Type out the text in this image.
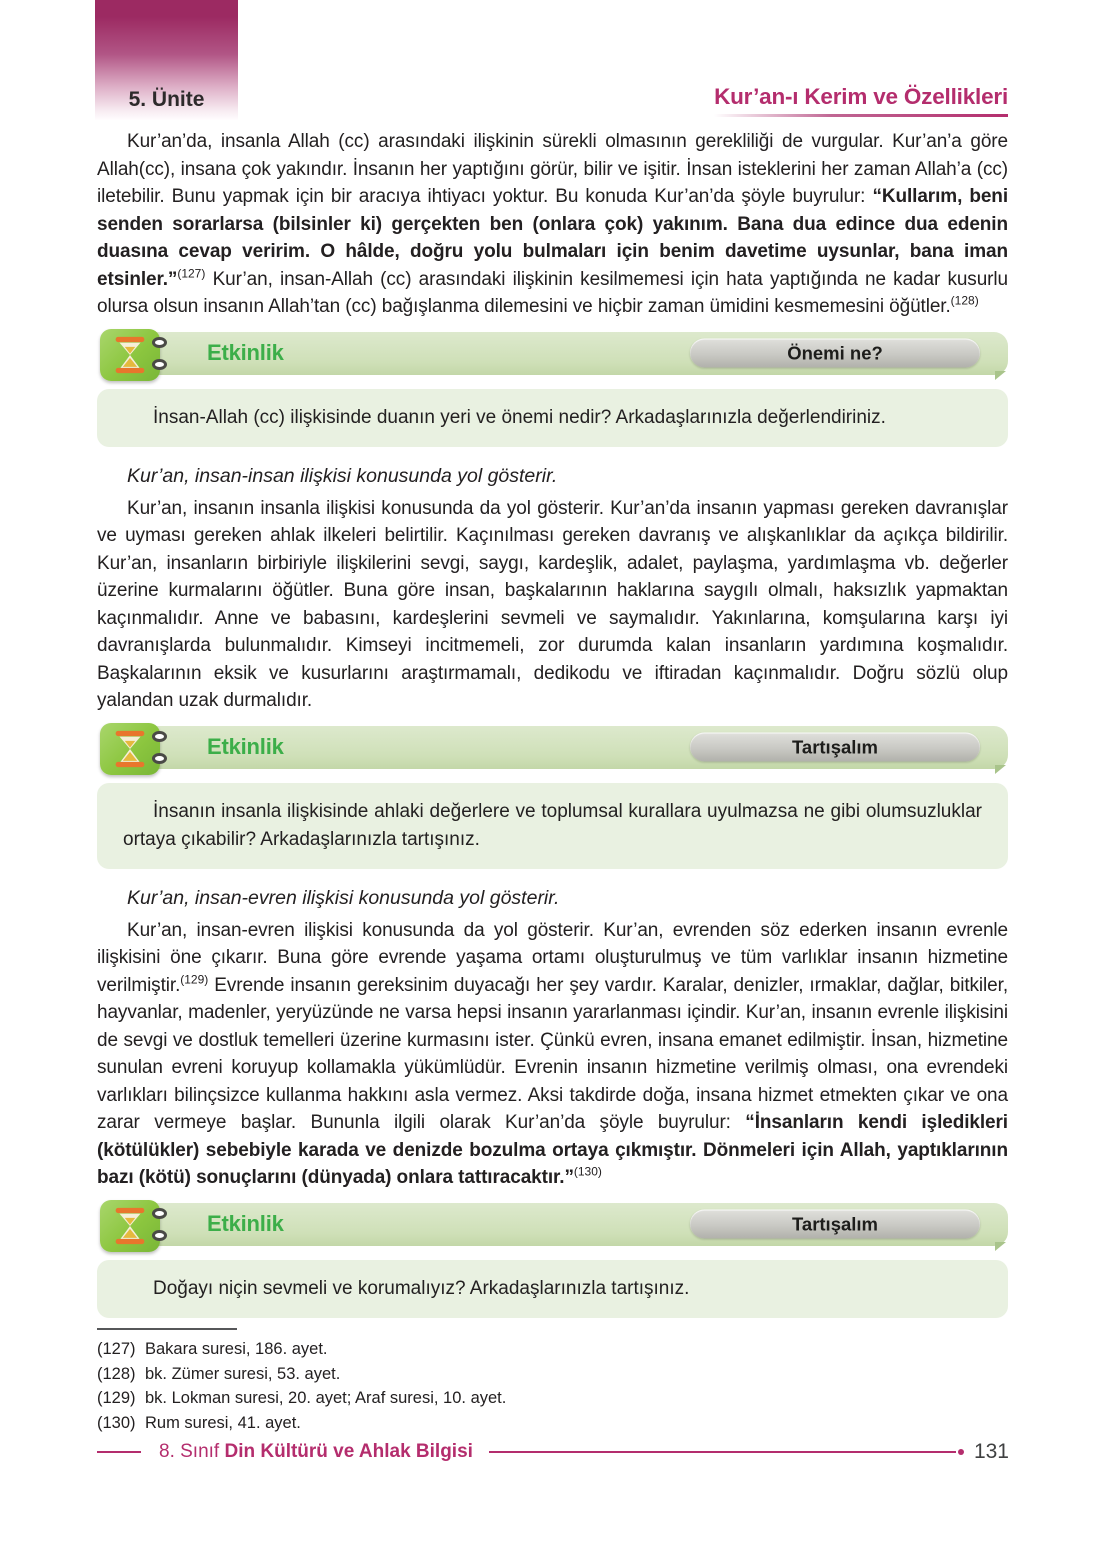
5. Ünite	Kur’an-ı Kerim ve Özellikleri

Kur’an’da, insanla Allah (cc) arasındaki ilişkinin sürekli olmasının gerekliliği de vurgular. Kur’an’a göre Allah(cc), insana çok yakındır. İnsanın her yaptığını görür, bilir ve işitir. İnsan isteklerini her zaman Allah’a (cc) iletebilir. Bunu yapmak için bir aracıya ihtiyacı yoktur. Bu konuda Kur’an’da şöyle buyrulur: “Kullarım, beni senden sorarlarsa (bilsinler ki) gerçekten ben (onlara çok) yakınım. Bana dua edince dua edenin duasına cevap veririm. O hâlde, doğru yolu bulmaları için benim davetime uysunlar, bana iman etsinler.”$^{(127)}$ Kur’an, insan-Allah (cc) arasındaki ilişkinin kesilmemesi için hata yaptığında ne kadar kusurlu olursa olsun insanın Allah’tan (cc) bağışlanma dilemesini ve hiçbir zaman ümidini kesmemesini öğütler.$^{(128)}$

Etkinlik	Önemi ne?

İnsan-Allah (cc) ilişkisinde duanın yeri ve önemi nedir? Arkadaşlarınızla değerlendiriniz.

Kur’an, insan-insan ilişkisi konusunda yol gösterir.

Kur’an, insanın insanla ilişkisi konusunda da yol gösterir. Kur’an’da insanın yapması gereken davranışlar ve uyması gereken ahlak ilkeleri belirtilir. Kaçınılması gereken davranış ve alışkanlıklar da açıkça bildirilir. Kur’an, insanların birbiriyle ilişkilerini sevgi, saygı, kardeşlik, adalet, paylaşma, yardımlaşma vb. değerler üzerine kurmalarını öğütler. Buna göre insan, başkalarının haklarına saygılı olmalı, haksızlık yapmaktan kaçınmalıdır. Anne ve babasını, kardeşlerini sevmeli ve saymalıdır. Yakınlarına, komşularına karşı iyi davranışlarda bulunmalıdır. Kimseyi incitmemeli, zor durumda kalan insanların yardımına koşmalıdır. Başkalarının eksik ve kusurlarını araştırmamalı, dedikodu ve iftiradan kaçınmalıdır. Doğru sözlü olup yalandan uzak durmalıdır.

Etkinlik	Tartışalım

İnsanın insanla ilişkisinde ahlaki değerlere ve toplumsal kurallara uyulmazsa ne gibi olumsuzluklar ortaya çıkabilir? Arkadaşlarınızla tartışınız.

Kur’an, insan-evren ilişkisi konusunda yol gösterir.

Kur’an, insan-evren ilişkisi konusunda da yol gösterir. Kur’an, evrenden söz ederken insanın evrenle ilişkisini öne çıkarır. Buna göre evrende yaşama ortamı oluşturulmuş ve tüm varlıklar insanın hizmetine verilmiştir.$^{(129)}$ Evrende insanın gereksinim duyacağı her şey vardır. Karalar, denizler, ırmaklar, dağlar, bitkiler, hayvanlar, madenler, yeryüzünde ne varsa hepsi insanın yararlanması içindir. Kur’an, insanın evrenle ilişkisini de sevgi ve dostluk temelleri üzerine kurmasını ister. Çünkü evren, insana emanet edilmiştir. İnsan, hizmetine sunulan evreni koruyup kollamakla yükümlüdür. Evrenin insanın hizmetine verilmiş olması, ona evrendeki varlıkları bilinçsizce kullanma hakkını asla vermez. Aksi takdirde doğa, insana hizmet etmekten çıkar ve ona zarar vermeye başlar. Bununla ilgili olarak Kur’an’da şöyle buyrulur: “İnsanların kendi işledikleri (kötülükler) sebebiyle karada ve denizde bozulma ortaya çıkmıştır. Dönmeleri için Allah, yaptıklarının bazı (kötü) sonuçlarını (dünyada) onlara tattıracaktır.”$^{(130)}$

Etkinlik	Tartışalım

Doğayı niçin sevmeli ve korumalıyız? Arkadaşlarınızla tartışınız.

(127) Bakara suresi, 186. ayet.
(128) bk. Zümer suresi, 53. ayet.
(129) bk. Lokman suresi, 20. ayet; Araf suresi, 10. ayet.
(130) Rum suresi, 41. ayet.
8. Sınıf Din Kültürü ve Ahlak Bilgisi	131
